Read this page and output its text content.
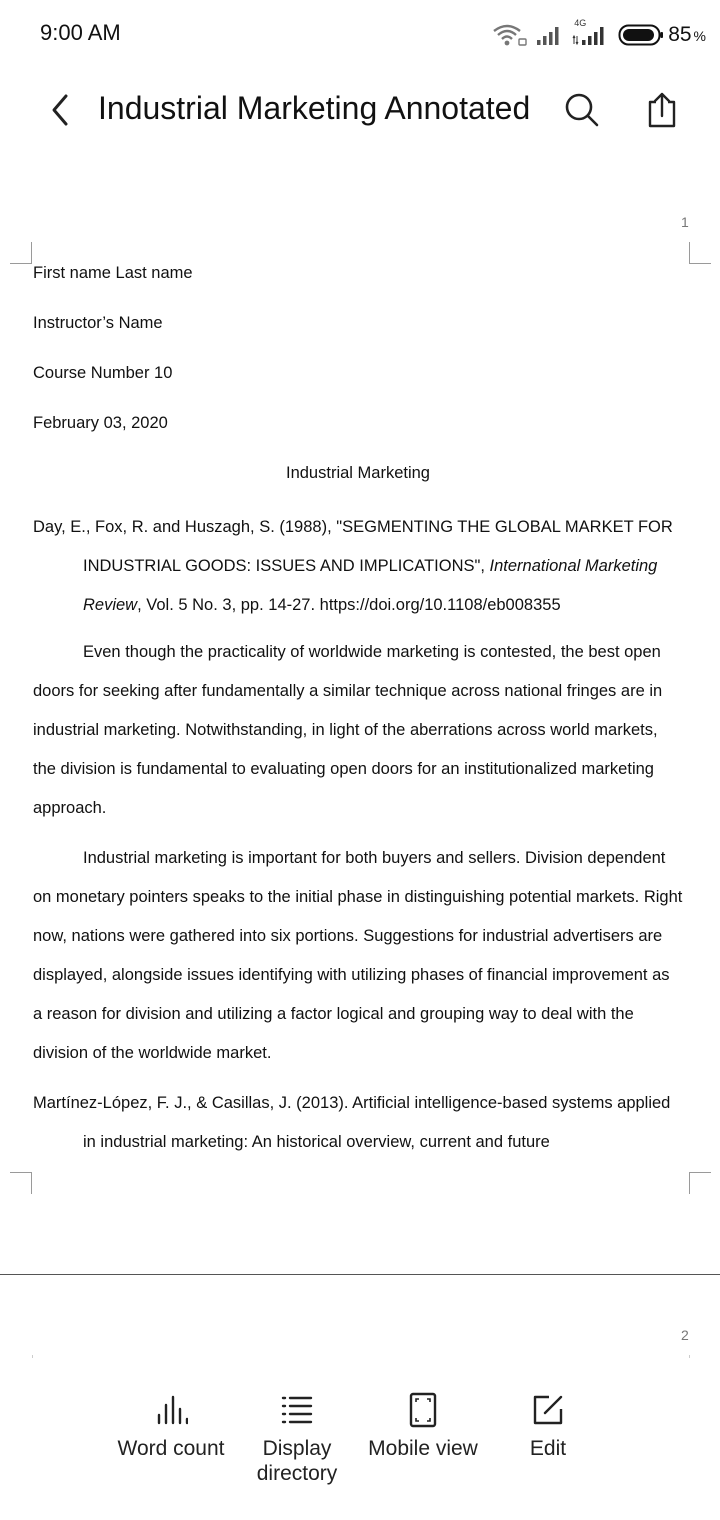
9:00 AM	4G	85 %
Industrial Marketing Annotated
1
First name Last name
Instructor’s Name
Course Number 10
February 03, 2020
Industrial Marketing
Day, E., Fox, R. and Huszagh, S. (1988), "SEGMENTING THE GLOBAL MARKET FOR INDUSTRIAL GOODS: ISSUES AND IMPLICATIONS", International Marketing Review, Vol. 5 No. 3, pp. 14-27. https://doi.org/10.1108/eb008355
Even though the practicality of worldwide marketing is contested, the best open doors for seeking after fundamentally a similar technique across national fringes are in industrial marketing. Notwithstanding, in light of the aberrations across world markets, the division is fundamental to evaluating open doors for an institutionalized marketing approach.
Industrial marketing is important for both buyers and sellers. Division dependent on monetary pointers speaks to the initial phase in distinguishing potential markets. Right now, nations were gathered into six portions. Suggestions for industrial advertisers are displayed, alongside issues identifying with utilizing phases of financial improvement as a reason for division and utilizing a factor logical and grouping way to deal with the division of the worldwide market.
Martínez-López, F. J., & Casillas, J. (2013). Artificial intelligence-based systems applied in industrial marketing: An historical overview, current and future
2
Word count Display
directory
Mobile view Edit
